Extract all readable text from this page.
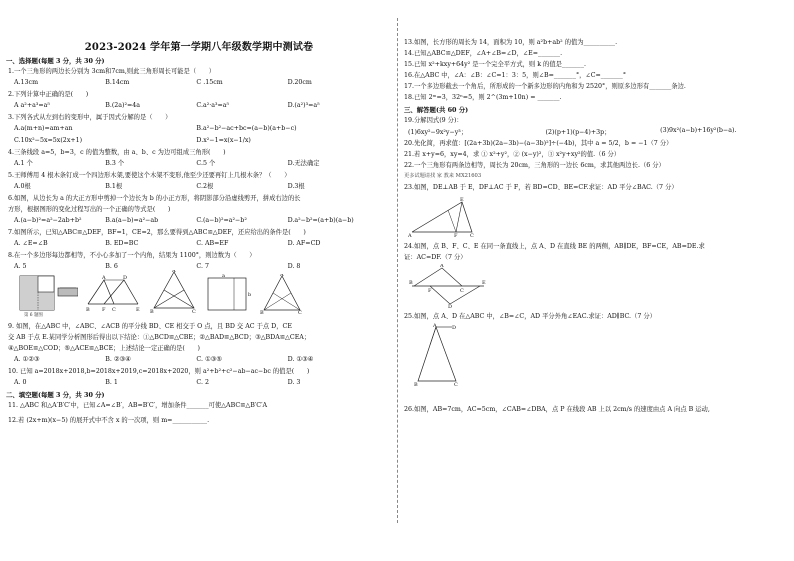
2023-2024 学年第一学期八年级数学期中测试卷
一、选择题(每题 3 分，共 30 分)
1.一个三角形的两边长分别为 3cm和7cm,则此三角形周长可能是（　　）
A.13cm	B.14cm	C .15cm	D.20cm
2.下列计算中正确的是(　　)
A a²+a³=a⁵	B.(2a)²=4a	C.a²·a³=a⁵	D.(a²)³=a⁵
3.下列各式从左到右的变形中，属于因式分解的是（　　）
A.a(m+n)=am+an	B.a²−b²−ac+bc=(a−b)(a+b−c)
C.10x²−5x=5x(2x+1)	D.x²−1=x(x−1/x)
4.三条线段 a=5，b=3，c 的值为整数，由 a、b、c 为边可组成三角形(　　)
A.1 个	B.3 个	C.5 个	D.无法确定
5.王师傅用 4 根木条钉成一个四边形木架,要使这个木架不变形,他至少还要再钉上几根木条？（　　）
A.0根	B.1根	C.2根	D.3根
6.如图，从边长为 a 的大正方形中剪掉一个边长为 b 的小正方形，将阴影部分沿虚线剪开，拼成右边的长
方形，根据图形的变化过程写出的一个正确的等式是(　　)
A.(a−b)²=a²−2ab+b²	B.a(a−b)=a²−ab	C.(a−b)²=a²−b²	D.a²−b²=(a+b)(a−b)
7.如图所示，已知△ABC≌△DEF，BF=1，CE=2，那么要得到△ABC≌△DEF，还应给出的条件是(　　)
A. ∠E=∠B	B. ED=BC	C. AB=EF	D. AF=CD
8.在一个多边形每边都相等，不小心多加了一个内角，结果为 1100°，则边数为（　　）
A. 5	B. 6	C. 7	D. 8
第 6 题图
B F C	E
A	D
A
B	C
b
a	A
B	C
9. 如图，在△ABC 中，∠ABC、∠ACB 的平分线 BD、CE 相交于 O 点，且 BD 交 AC 于点 D，CE
交 AB 于点 E.某同学分析图形后得出以下结论：①△BCD≌△CBE；②△BAD≌△BCD；③△BDA≌△CEA；
④△BOE≌△COD；⑤△ACE≌△BCE；上述结论一定正确的是(　　)
A. ①②③	B. ②③④	C. ①③⑤	D. ①③④
10. 已知 a=2018x+2018,b=2018x+2019,c=2018x+2020，则 a²+b²+c²−ab−ac−bc 的值是(　　)
A. 0	B. 1	C. 2	D. 3
二、填空题(每题 3 分，共 30 分)
11. △ABC 和△A′B′C′中，已知∠A=∠B′，AB=B′C′，增加条件_______可使△ABC≌△B′C′A
12.若 (2x+m)(x−5) 的展开式中不含 x 的一次项，则 m=___________.
13.如图，长方形的周长为 14，面积为 10，则 a²b+ab² 的值为__________.
14.已知△ABC≌△DEF，∠A+∠B=∠D，∠E=_______.
15.已知 x²+kxy+64y² 是一个完全平方式，则 k 的值是_______.
16.在△ABC 中，∠A：∠B：∠C=1：3：5，则∠B=_______°，∠C=_______°
17.一个多边形截去一个角后，所形成的一个新多边形的内角和为 2520°，则原多边形有_______条边.
18.已知 2ᵐ=3，32ⁿ=5，则 2^(3m+10n) = _______.
三、解答题(共 60 分)
19.分解因式(9 分)：
(1)6xy²−9x²y−y³；	(2)(p+1)(p−4)+3p；	(3)9x²(a−b)+16y²(b−a).
20.先化简，再求值：[(2a+3b)(2a−3b)−(a−3b)²]÷(−4b)，其中 a = 5/2，b = −1（7 分）
21.若 x+y=6，xy=4，求 ① x²+y²，② (x−y)²，③ x²y+xy²的值.（6 分）
22.一个三角形有两条边相等，周长为 20cm，三角形的一边长 6cm，求其他两边长.（6 分）
更多试题请找 家 教来 MX21603
23.如图，DE⊥AB 于 E，DF⊥AC 于 F，若 BD=CD、BE=CF.求证：AD 平分∠BAC.（7 分）
A
E
F	C
24.如图，点 B、F、C、E 在同一条直线上，点 A、D 在直线 BE 的两侧，AB∥DE，BF=CE，AB=DE.求
证：AC=DF.（7 分）
B
F	C
E
A
D
25.如图，点 A、D 在△ABC 中，∠B=∠C，AD 平分外角∠EAC.求证：AD∥BC.（7 分）
A	D
B	C
26.如图，AB=7cm，AC=5cm，∠CAB=∠DBA，点 P 在线段 AB 上以 2cm/s 的速度由点 A 向点 B 运动,
